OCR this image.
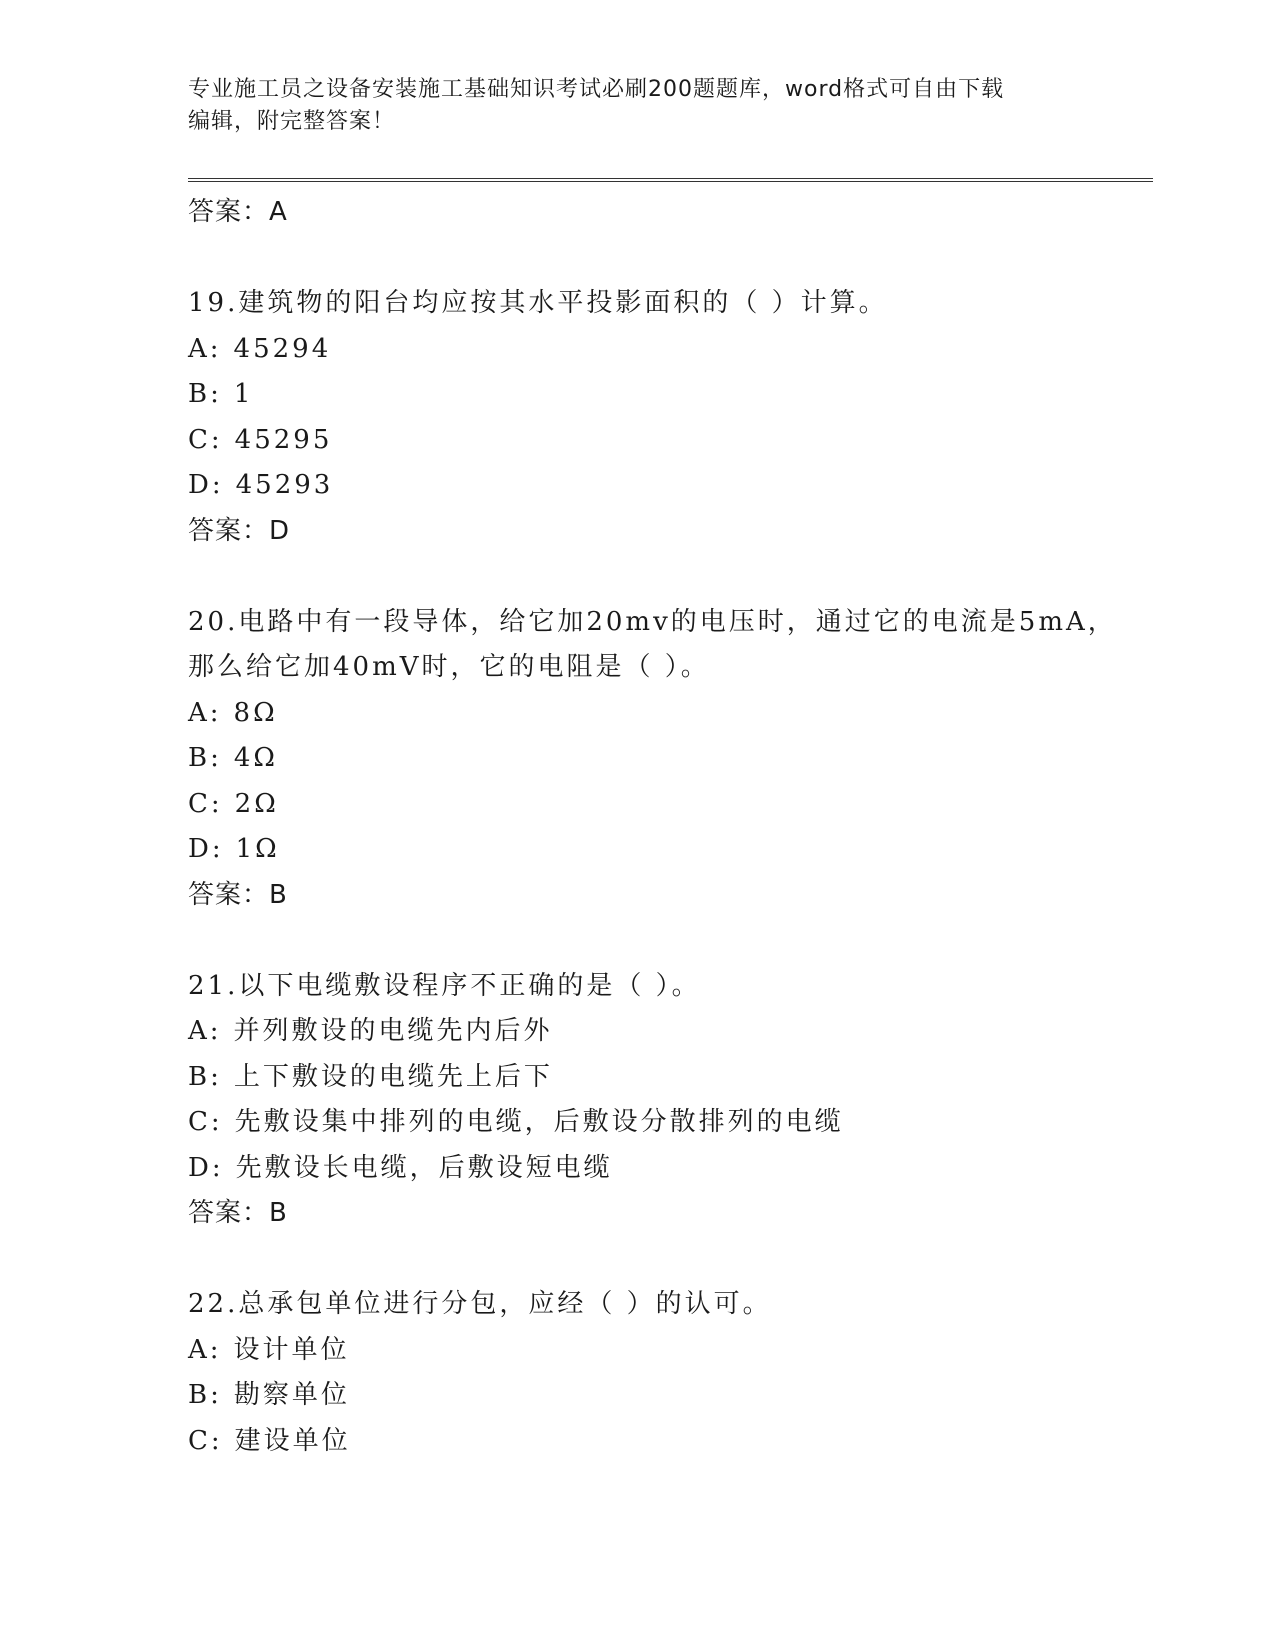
专业施工员之设备安装施工基础知识考试必刷200题题库，word格式可自由下载
编辑，附完整答案！
答案：A
19.建筑物的阳台均应按其水平投影面积的（ ）计算。
A: 45294
B: 1
C: 45295
D: 45293
答案：D
20.电路中有一段导体，给它加20mv的电压时，通过它的电流是5mA，
那么给它加40mV时，它的电阻是（ ）。
A: 8Ω
B: 4Ω
C: 2Ω
D: 1Ω
答案：B
21.以下电缆敷设程序不正确的是（ ）。
A: 并列敷设的电缆先内后外
B: 上下敷设的电缆先上后下
C: 先敷设集中排列的电缆，后敷设分散排列的电缆
D: 先敷设长电缆，后敷设短电缆
答案：B
22.总承包单位进行分包，应经（ ）的认可。
A: 设计单位
B: 勘察单位
C: 建设单位
